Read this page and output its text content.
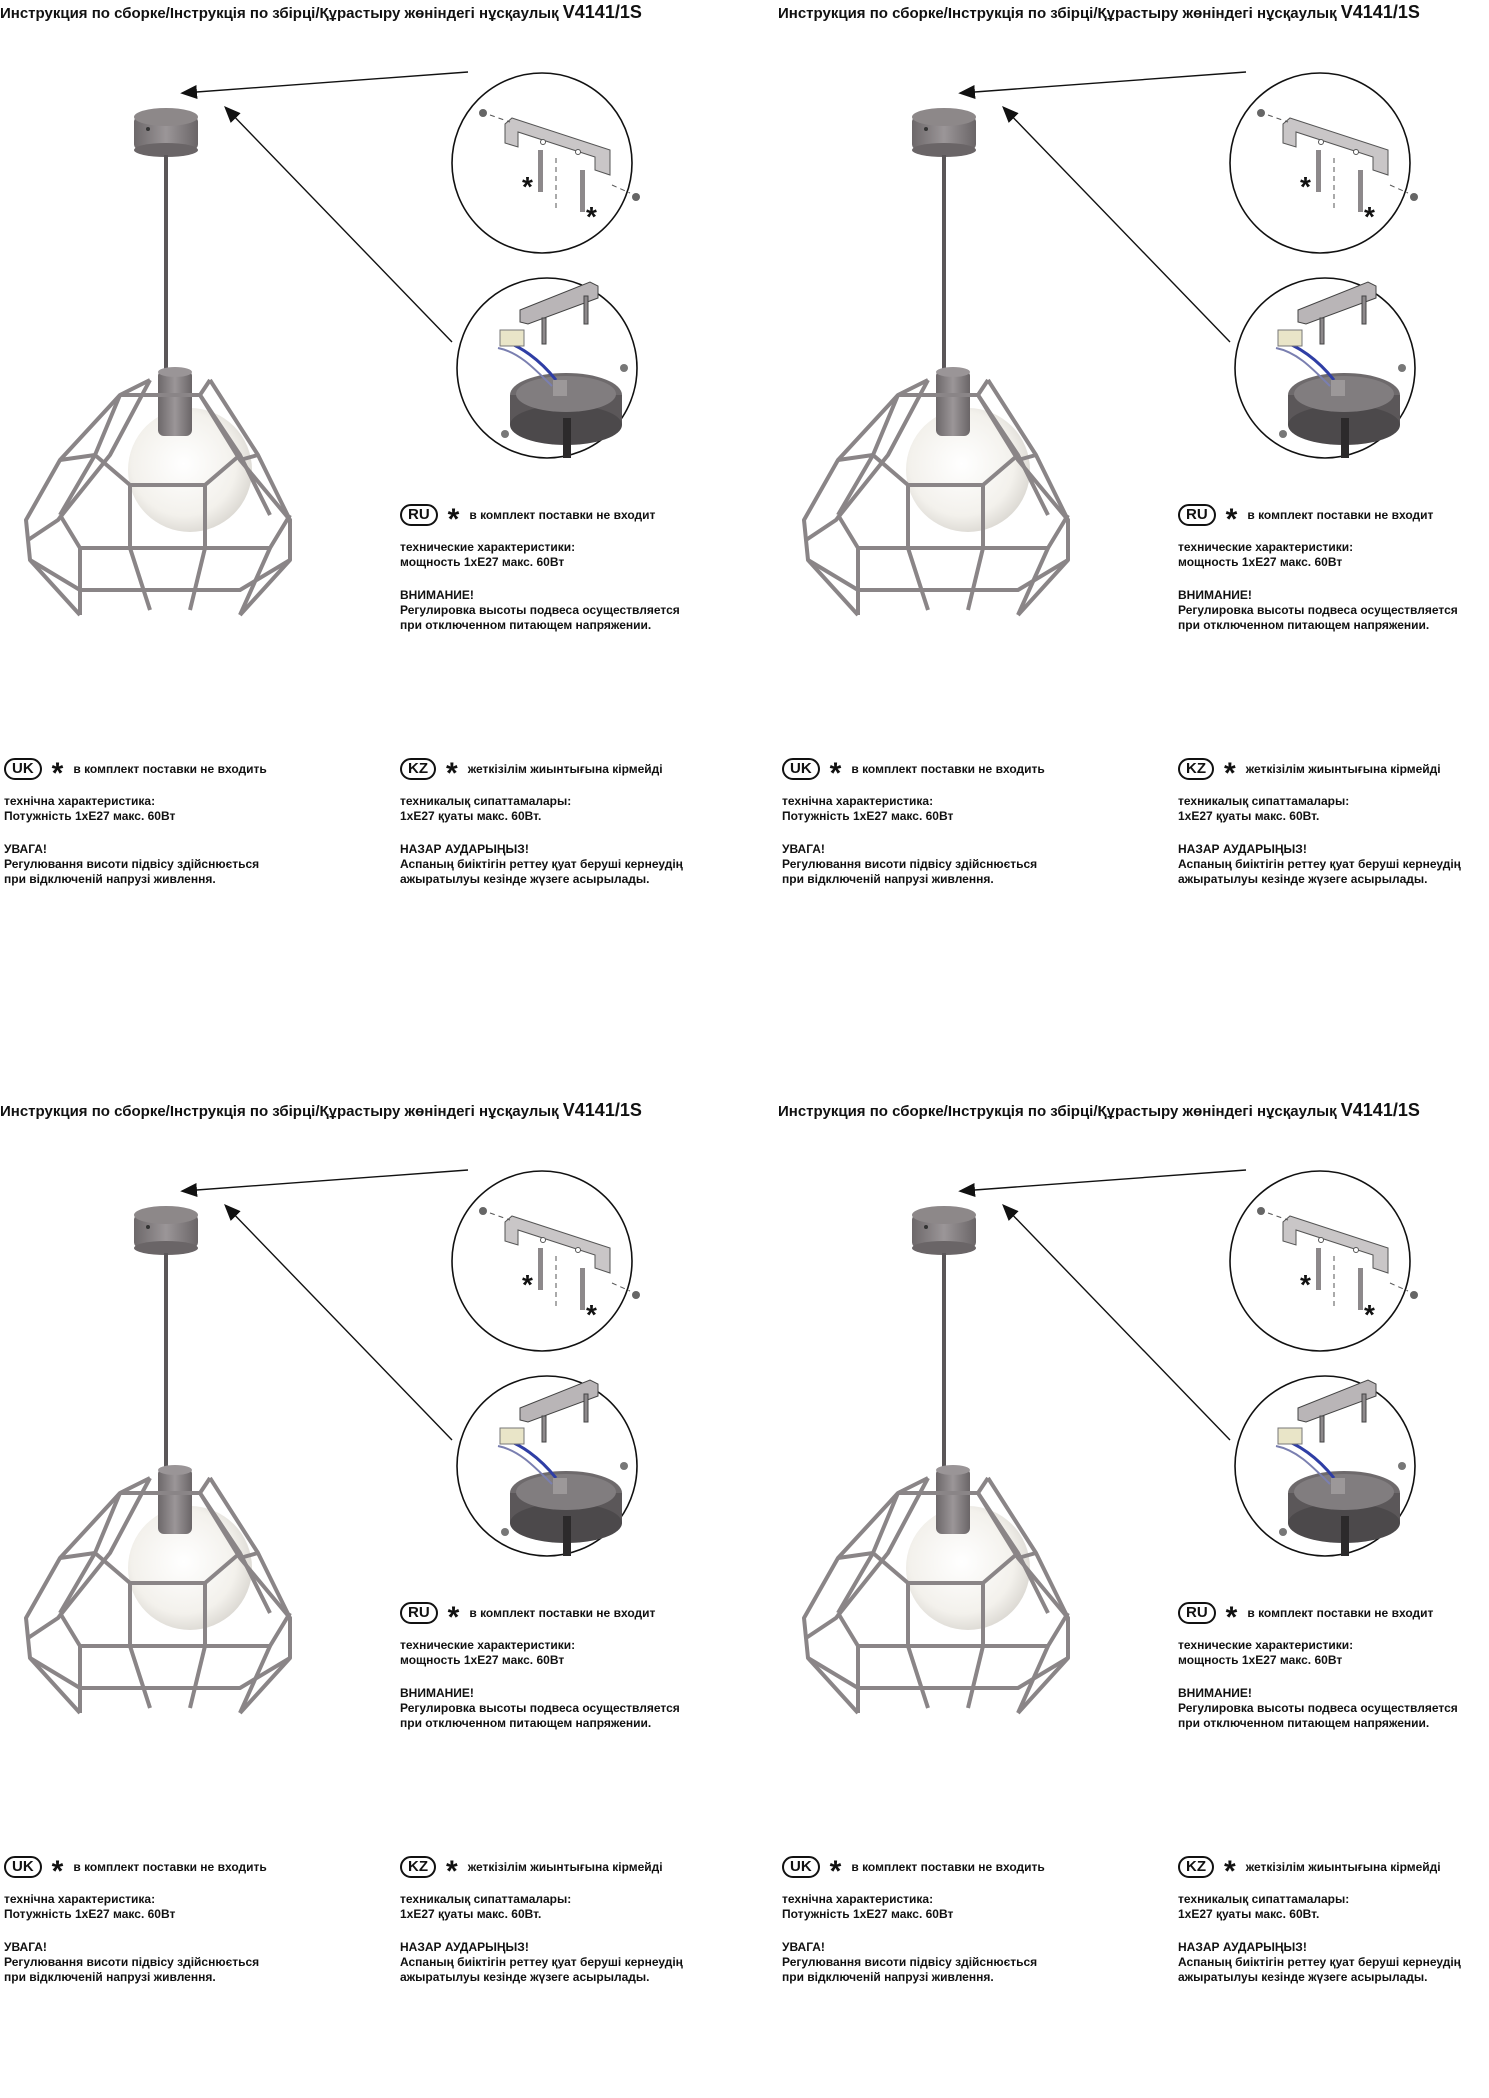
Инструкция по сборке/Інструкція по збірці/Құрастыру жөніндегі нұсқаулық V4141/1S
*
*
RU * в комплект поставки не входит
технические характеристики:
мощность 1хЕ27 макс. 60Вт
ВНИМАНИЕ!
Регулировка высоты подвеса осуществляется
при отключенном питающем напряжении.
UK * в комплект поставки не входить
технічна характеристика:
Потужність 1хЕ27 макс. 60Вт
УВАГА!
Регулювання висоти підвісу здійснюється
при відключеній напрузі живлення.
KZ * жеткізілім жиынтығына кірмейді
техникалық сипаттамалары:
1хЕ27 қуаты макс. 60Вт.
НАЗАР АУДАРЫҢЫЗ!
Аспаның биіктігін реттеу қуат беруші кернеудің
ажыратылуы кезінде жүзеге асырылады.
Инструкция по сборке/Інструкція по збірці/Құрастыру жөніндегі нұсқаулық V4141/1S
*
*
RU * в комплект поставки не входит
технические характеристики:
мощность 1хЕ27 макс. 60Вт
ВНИМАНИЕ!
Регулировка высоты подвеса осуществляется
при отключенном питающем напряжении.
UK * в комплект поставки не входить
технічна характеристика:
Потужність 1хЕ27 макс. 60Вт
УВАГА!
Регулювання висоти підвісу здійснюється
при відключеній напрузі живлення.
KZ * жеткізілім жиынтығына кірмейді
техникалық сипаттамалары:
1хЕ27 қуаты макс. 60Вт.
НАЗАР АУДАРЫҢЫЗ!
Аспаның биіктігін реттеу қуат беруші кернеудің
ажыратылуы кезінде жүзеге асырылады.
Инструкция по сборке/Інструкція по збірці/Құрастыру жөніндегі нұсқаулық V4141/1S
*
*
RU * в комплект поставки не входит
технические характеристики:
мощность 1хЕ27 макс. 60Вт
ВНИМАНИЕ!
Регулировка высоты подвеса осуществляется
при отключенном питающем напряжении.
UK * в комплект поставки не входить
технічна характеристика:
Потужність 1хЕ27 макс. 60Вт
УВАГА!
Регулювання висоти підвісу здійснюється
при відключеній напрузі живлення.
KZ * жеткізілім жиынтығына кірмейді
техникалық сипаттамалары:
1хЕ27 қуаты макс. 60Вт.
НАЗАР АУДАРЫҢЫЗ!
Аспаның биіктігін реттеу қуат беруші кернеудің
ажыратылуы кезінде жүзеге асырылады.
Инструкция по сборке/Інструкція по збірці/Құрастыру жөніндегі нұсқаулық V4141/1S
*
*
RU * в комплект поставки не входит
технические характеристики:
мощность 1хЕ27 макс. 60Вт
ВНИМАНИЕ!
Регулировка высоты подвеса осуществляется
при отключенном питающем напряжении.
UK * в комплект поставки не входить
технічна характеристика:
Потужність 1хЕ27 макс. 60Вт
УВАГА!
Регулювання висоти підвісу здійснюється
при відключеній напрузі живлення.
KZ * жеткізілім жиынтығына кірмейді
техникалық сипаттамалары:
1хЕ27 қуаты макс. 60Вт.
НАЗАР АУДАРЫҢЫЗ!
Аспаның биіктігін реттеу қуат беруші кернеудің
ажыратылуы кезінде жүзеге асырылады.
